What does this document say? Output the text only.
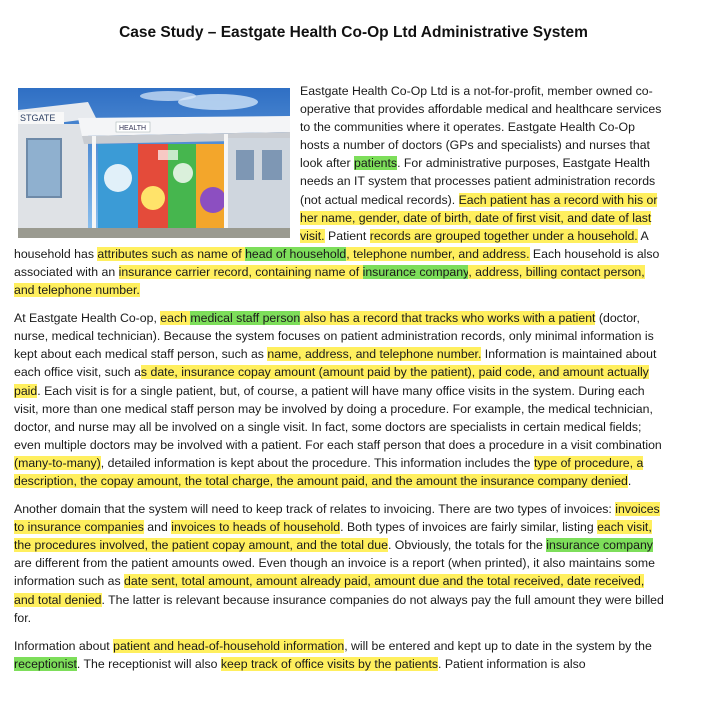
Case Study – Eastgate Health Co-Op Ltd Administrative System
HEALTH
STGATE

Eastgate Health Co-Op Ltd is a not-for-profit, member owned co-operative that provides affordable medical and healthcare services to the communities where it operates. Eastgate Health Co-Op hosts a number of doctors (GPs and specialists) and nurses that look after patients. For administrative purposes, Eastgate Health needs an IT system that processes patient administration records (not actual medical records). Each patient has a record with his or her name, gender, date of birth, date of first visit, and date of last visit. Patient records are grouped together under a household. A household has attributes such as name of head of household, telephone number, and address. Each household is also associated with an insurance carrier record, containing name of insurance company, address, billing contact person, and telephone number.

At Eastgate Health Co-op, each medical staff person also has a record that tracks who works with a patient (doctor, nurse, medical technician). Because the system focuses on patient administration records, only minimal information is kept about each medical staff person, such as name, address, and telephone number. Information is maintained about each office visit, such as date, insurance copay amount (amount paid by the patient), paid code, and amount actually paid. Each visit is for a single patient, but, of course, a patient will have many office visits in the system. During each visit, more than one medical staff person may be involved by doing a procedure. For example, the medical technician, doctor, and nurse may all be involved on a single visit. In fact, some doctors are specialists in certain medical fields; even multiple doctors may be involved with a patient. For each staff person that does a procedure in a visit combination (many-to-many), detailed information is kept about the procedure. This information includes the type of procedure, a description, the copay amount, the total charge, the amount paid, and the amount the insurance company denied.

Another domain that the system will need to keep track of relates to invoicing. There are two types of invoices: invoices to insurance companies and invoices to heads of household. Both types of invoices are fairly similar, listing each visit, the procedures involved, the patient copay amount, and the total due. Obviously, the totals for the insurance company are different from the patient amounts owed. Even though an invoice is a report (when printed), it also maintains some information such as date sent, total amount, amount already paid, amount due and the total received, date received, and total denied. The latter is relevant because insurance companies do not always pay the full amount they were billed for.

Information about patient and head-of-household information, will be entered and kept up to date in the system by the receptionist. The receptionist will also keep track of office visits by the patients. Patient information is also
